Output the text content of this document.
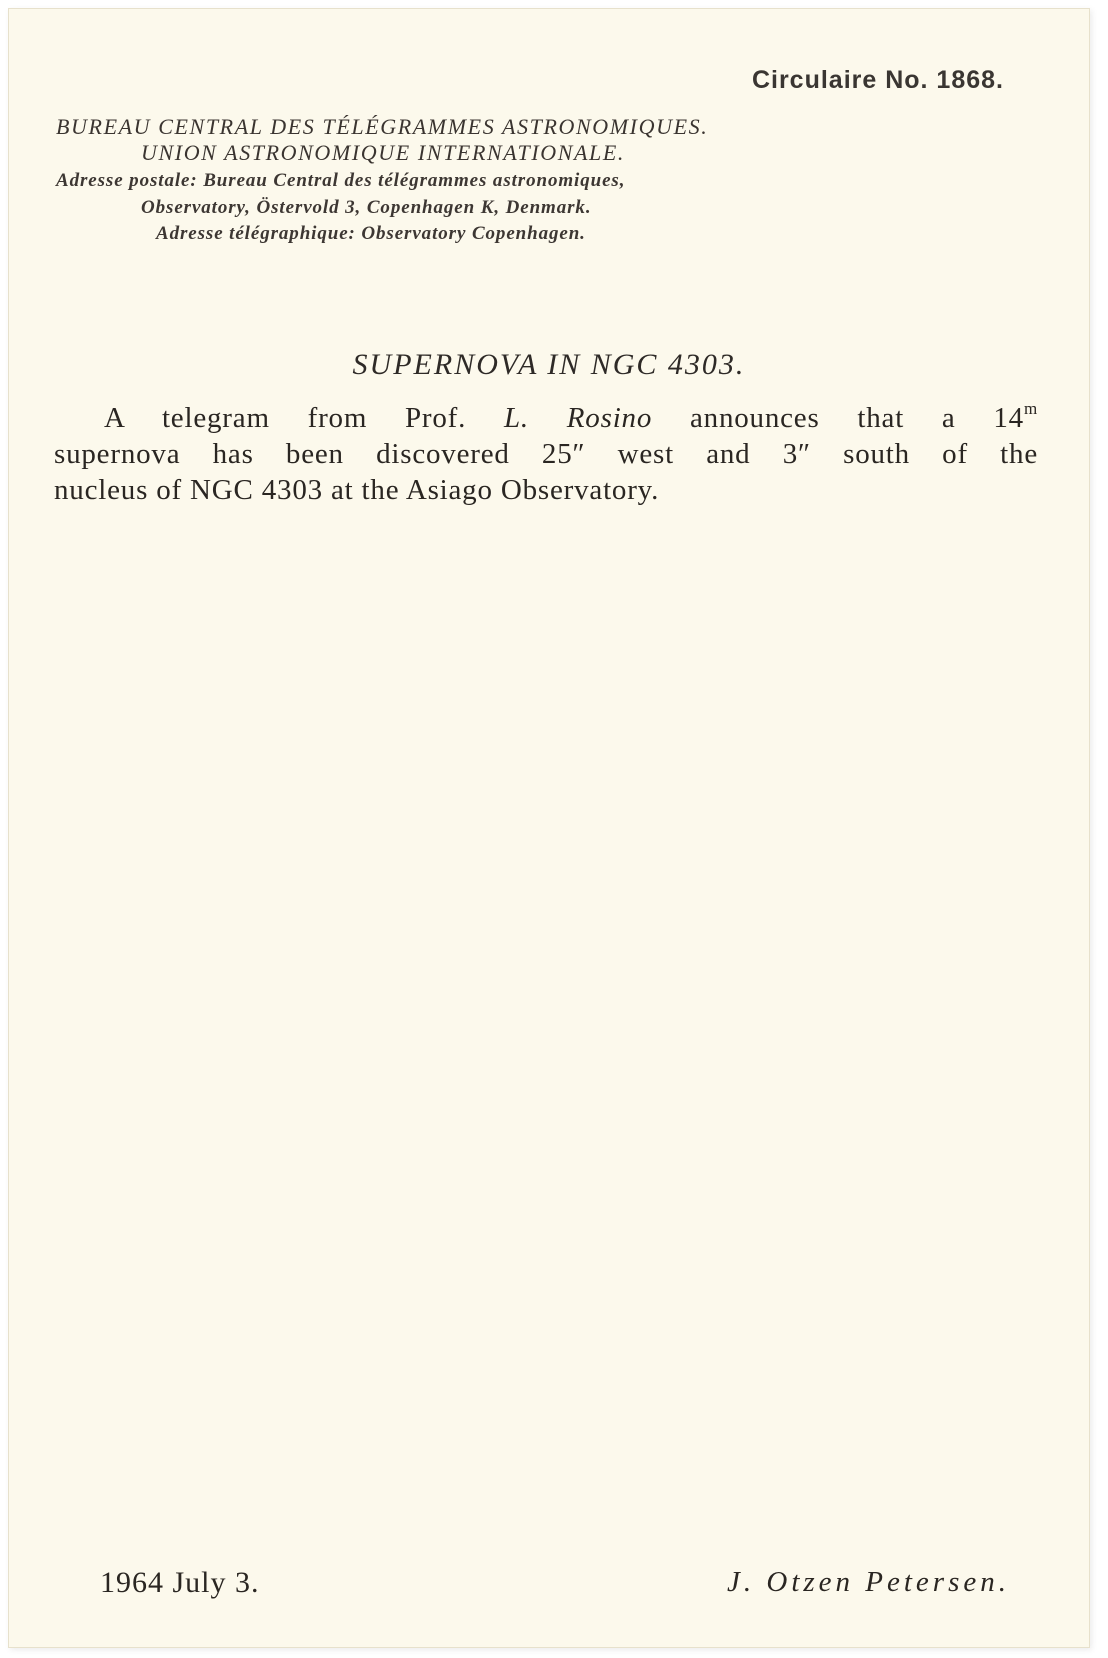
Circulaire No. 1868.
BUREAU CENTRAL DES TÉLÉGRAMMES ASTRONOMIQUES.
UNION ASTRONOMIQUE INTERNATIONALE.
Adresse postale: Bureau Central des télégrammes astronomiques,
Observatory, Östervold 3, Copenhagen K, Denmark.
Adresse télégraphique: Observatory Copenhagen.
SUPERNOVA IN NGC 4303.
A telegram from Prof. L. Rosino announces that a 14$^m$
supernova has been discovered 25″ west and 3″ south of the
nucleus of NGC 4303 at the Asiago Observatory.
1964 July 3.	J. Otzen Petersen.
